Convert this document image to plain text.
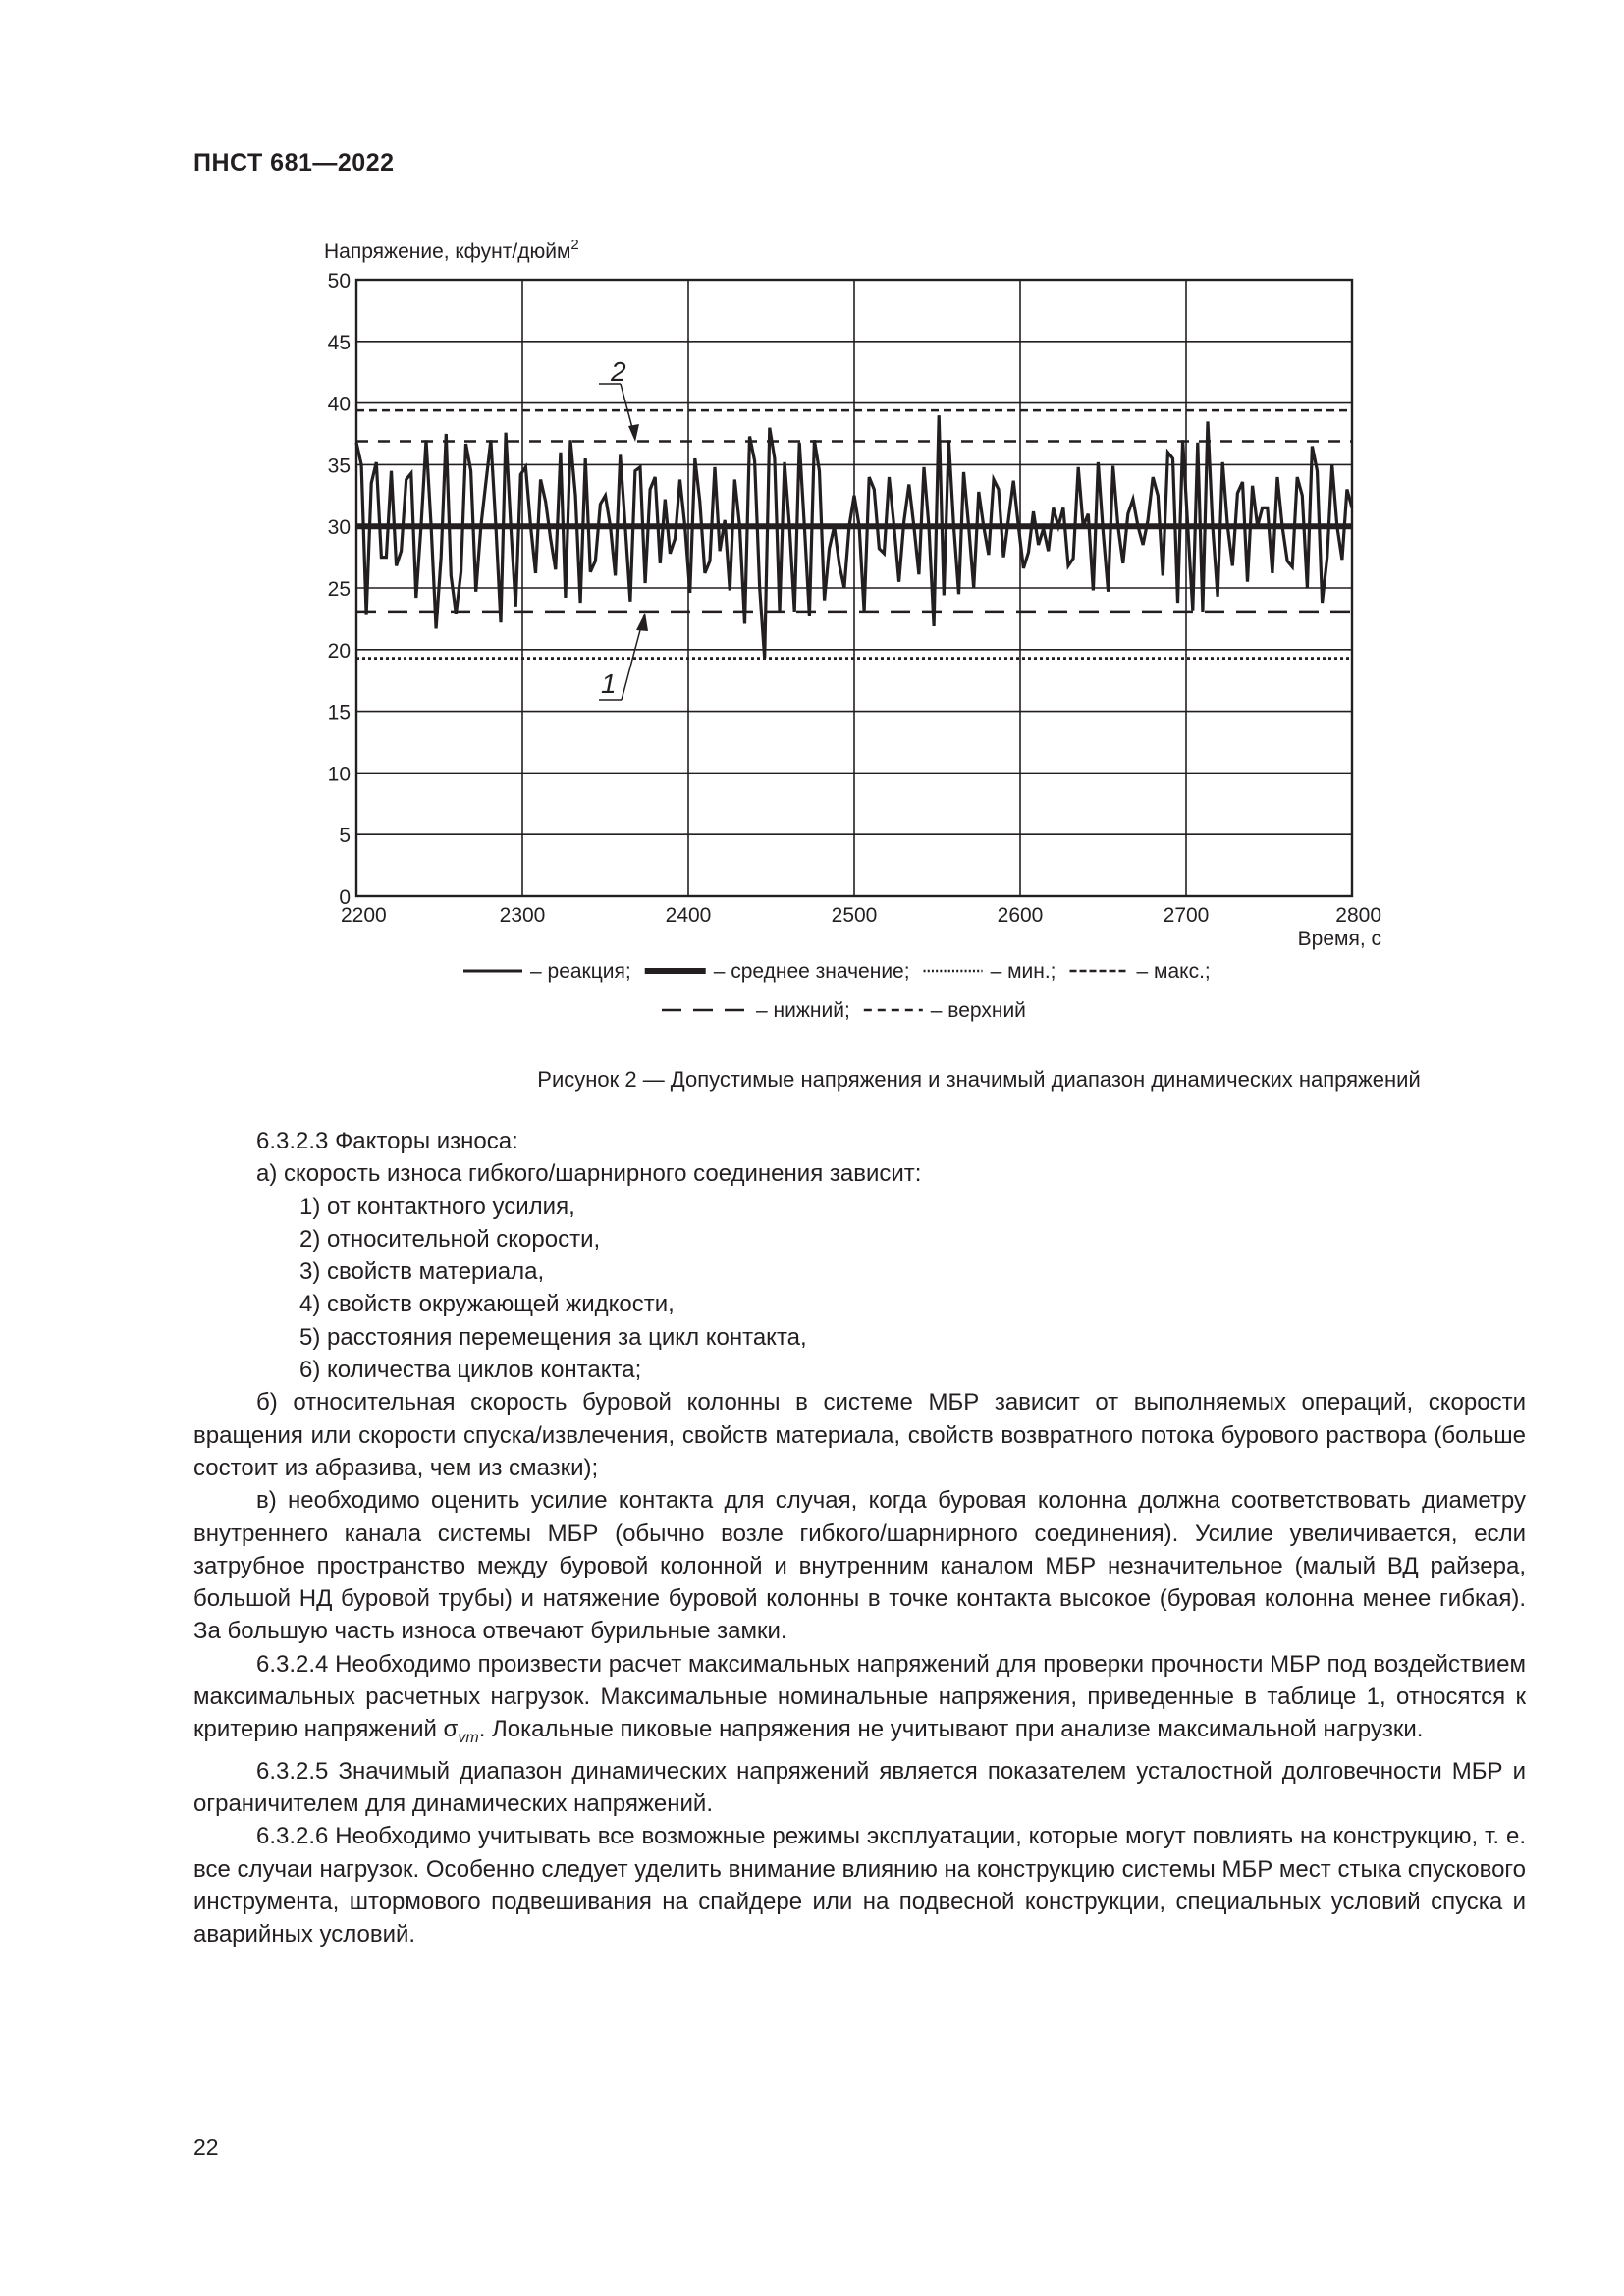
ПНСТ 681—2022
0
5
10
15
20
25
30
35
40
45
50
2200	2300	2400	2500	2600	2700	2800
Напряжение, кфунт/дюйм$^2$
Время, с
2
1
– реакция;	– среднее значение;	– мин.;	– макс.;
– нижний;	– верхний
Рисунок 2 — Допустимые напряжения и значимый диапазон динамических напряжений

6.3.2.3 Факторы износа:

а) скорость износа гибкого/шарнирного соединения зависит:

1) от контактного усилия,

2) относительной скорости,

3) свойств материала,

4) свойств окружающей жидкости,

5) расстояния перемещения за цикл контакта,

6) количества циклов контакта;

б) относительная скорость буровой колонны в системе МБР зависит от выполняемых операций, скорости вращения или скорости спуска/извлечения, свойств материала, свойств возвратного потока бурового раствора (больше состоит из абразива, чем из смазки);

в) необходимо оценить усилие контакта для случая, когда буровая колонна должна соответствовать диаметру внутреннего канала системы МБР (обычно возле гибкого/шарнирного соединения). Усилие увеличивается, если затрубное пространство между буровой колонной и внутренним каналом МБР незначительное (малый ВД райзера, большой НД буровой трубы) и натяжение буровой колонны в точке контакта высокое (буровая колонна менее гибкая). За большую часть износа отвечают бурильные замки.

6.3.2.4 Необходимо произвести расчет максимальных напряжений для проверки прочности МБР под воздействием максимальных расчетных нагрузок. Максимальные номинальные напряжения, приведенные в таблице 1, относятся к критерию напряжений $\sigma_{vm}$. Локальные пиковые напряжения не учитывают при анализе максимальной нагрузки.

6.3.2.5 Значимый диапазон динамических напряжений является показателем усталостной долговечности МБР и ограничителем для динамических напряжений.

6.3.2.6 Необходимо учитывать все возможные режимы эксплуатации, которые могут повлиять на конструкцию, т. е. все случаи нагрузок. Особенно следует уделить внимание влиянию на конструкцию системы МБР мест стыка спускового инструмента, штормового подвешивания на спайдере или на подвесной конструкции, специальных условий спуска и аварийных условий.

22
